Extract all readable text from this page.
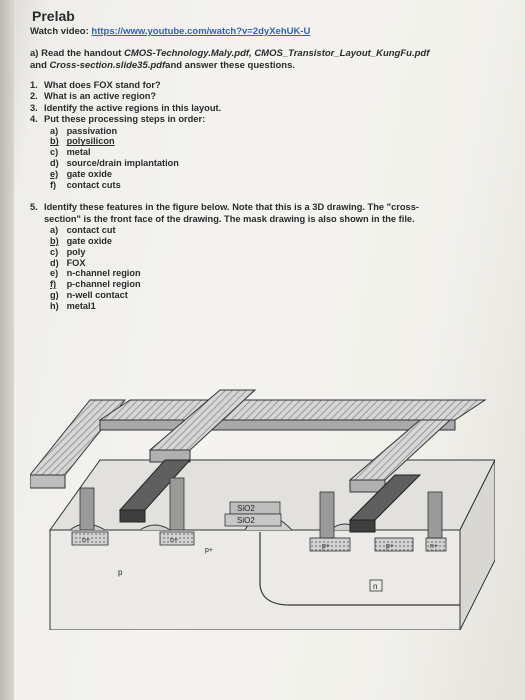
Prelab
Watch video: https://www.youtube.com/watch?v=2dyXehUK-U
a) Read the handout CMOS-Technology.Maly.pdf, CMOS_Transistor_Layout_KungFu.pdf
and Cross-section.slide35.pdfand answer these questions.
1. What does FOX stand for?
2. What is an active region?
3. Identify the active regions in this layout.
4. Put these processing steps in order:
a) passivation
b) polysilicon
c) metal
d) source/drain implantation
e) gate oxide
f) contact cuts
5. Identify these features in the figure below. Note that this is a 3D drawing. The "cross-
section" is the front face of the drawing. The mask drawing is also shown in the file.
a) contact cut
b) gate oxide
c) poly
d) FOX
e) n-channel region
f) p-channel region
g) n-well contact
h) metal1
SiO2
SiO2
n+	n+
p+	p+	n+
p+
p
n
